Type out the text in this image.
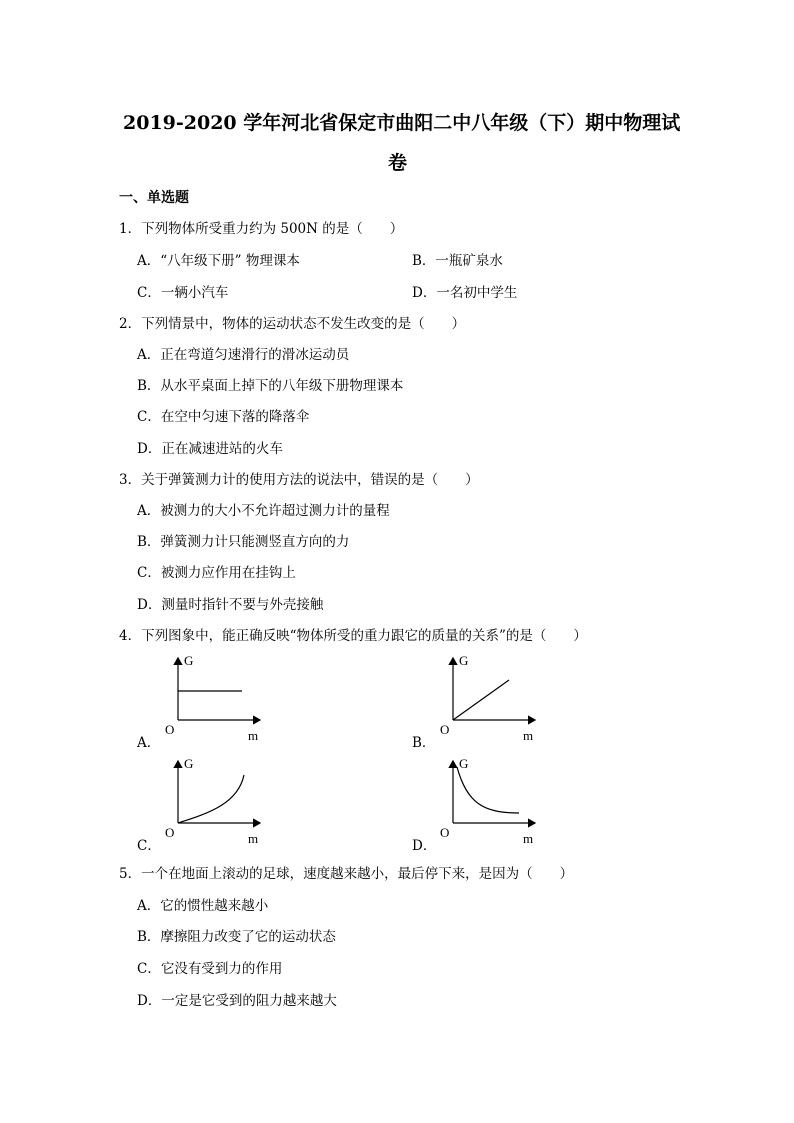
2019-2020 学年河北省保定市曲阳二中八年级（下）期中物理试
卷
一、单选题
1．下列物体所受重力约为 500N 的是（　　）
A．“八年级下册” 物理课本	B．一瓶矿泉水
C．一辆小汽车	D．一名初中学生
2．下列情景中，物体的运动状态不发生改变的是（　　）
A．正在弯道匀速滑行的滑冰运动员
B．从水平桌面上掉下的八年级下册物理课本
C．在空中匀速下落的降落伞
D．正在减速进站的火车
3．关于弹簧测力计的使用方法的说法中，错误的是（　　）
A．被测力的大小不允许超过测力计的量程
B．弹簧测力计只能测竖直方向的力
C．被测力应作用在挂钩上
D．测量时指针不要与外壳接触
4．下列图象中，能正确反映“物体所受的重力跟它的质量的关系”的是（　　）
A．	B．
C．	D．
G
O	m
G
O	m
G
O	m
G
O	m
5．一个在地面上滚动的足球，速度越来越小，最后停下来，是因为（　　）
A．它的惯性越来越小
B．摩擦阻力改变了它的运动状态
C．它没有受到力的作用
D．一定是它受到的阻力越来越大
